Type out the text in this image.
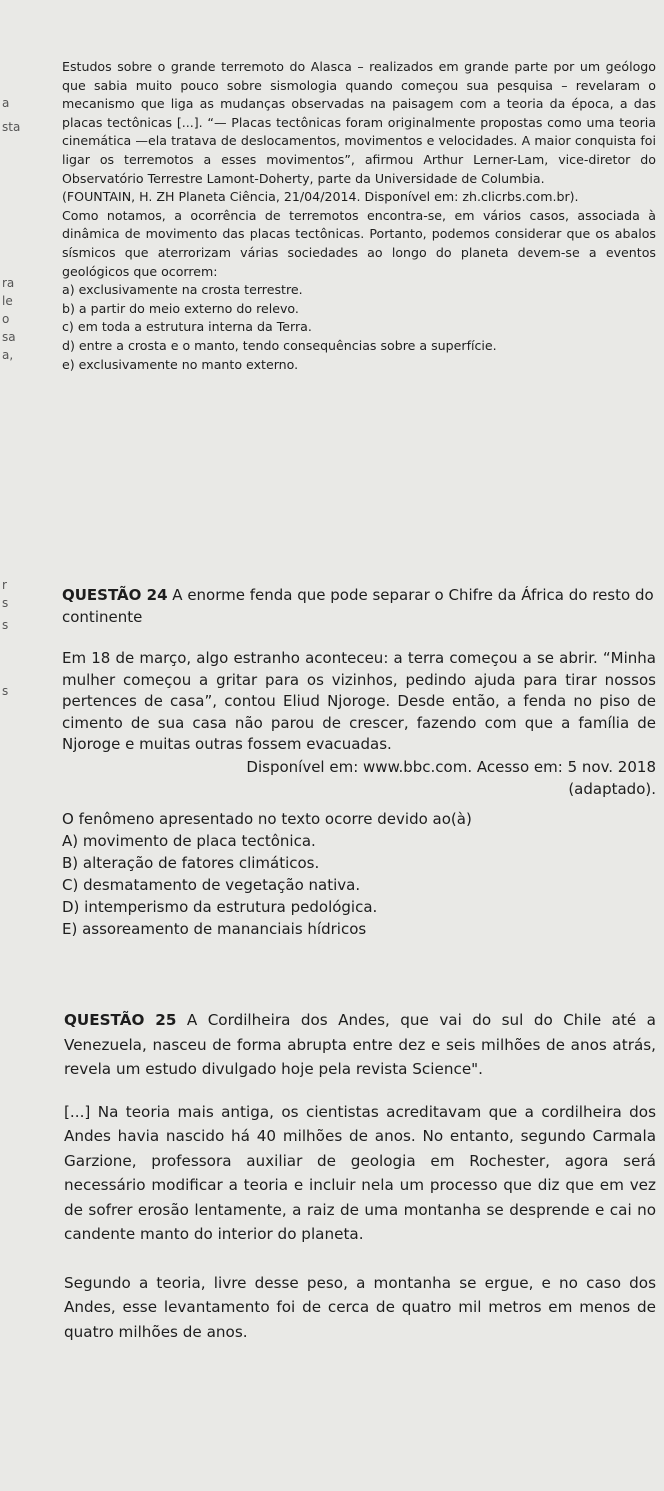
a
sta
ra
le
o
sa
a,
r
s
s
s

Estudos sobre o grande terremoto do Alasca – realizados em grande parte por um geólogo que sabia muito pouco sobre sismologia quando começou sua pesquisa – revelaram o mecanismo que liga as mudanças observadas na paisagem com a teoria da época, a das placas tectônicas [...]. “— Placas tectônicas foram originalmente propostas como uma teoria cinemática —ela tratava de deslocamentos, movimentos e velocidades. A maior conquista foi ligar os terremotos a esses movimentos”, afirmou Arthur Lerner-Lam, vice-diretor do Observatório Terrestre Lamont-Doherty, parte da Universidade de Columbia.

(FOUNTAIN, H. ZH Planeta Ciência, 21/04/2014. Disponível em: zh.clicrbs.com.br).

Como notamos, a ocorrência de terremotos encontra-se, em vários casos, associada à dinâmica de movimento das placas tectônicas. Portanto, podemos considerar que os abalos sísmicos que aterrorizam várias sociedades ao longo do planeta devem-se a eventos geológicos que ocorrem:

a) exclusivamente na crosta terrestre.

b) a partir do meio externo do relevo.

c) em toda a estrutura interna da Terra.

d) entre a crosta e o manto, tendo consequências sobre a superfície.

e) exclusivamente no manto externo.

QUESTÃO 24 A enorme fenda que pode separar o Chifre da África do resto do continente

Em 18 de março, algo estranho aconteceu: a terra começou a se abrir. “Minha mulher começou a gritar para os vizinhos, pedindo ajuda para tirar nossos pertences de casa”, contou Eliud Njoroge. Desde então, a fenda no piso de cimento de sua casa não parou de crescer, fazendo com que a família de Njoroge e muitas outras fossem evacuadas.

Disponível em: www.bbc.com. Acesso em: 5 nov. 2018

(adaptado).

O fenômeno apresentado no texto ocorre devido ao(à)

A) movimento de placa tectônica.

B) alteração de fatores climáticos.

C) desmatamento de vegetação nativa.

D) intemperismo da estrutura pedológica.

E) assoreamento de mananciais hídricos

QUESTÃO 25 A Cordilheira dos Andes, que vai do sul do Chile até a Venezuela, nasceu de forma abrupta entre dez e seis milhões de anos atrás, revela um estudo divulgado hoje pela revista Science".

[...] Na teoria mais antiga, os cientistas acreditavam que a cordilheira dos Andes havia nascido há 40 milhões de anos. No entanto, segundo Carmala Garzione, professora auxiliar de geologia em Rochester, agora será necessário modificar a teoria e incluir nela um processo que diz que em vez de sofrer erosão lentamente, a raiz de uma montanha se desprende e cai no candente manto do interior do planeta.

Segundo a teoria, livre desse peso, a montanha se ergue, e no caso dos Andes, esse levantamento foi de cerca de quatro mil metros em menos de quatro milhões de anos.
